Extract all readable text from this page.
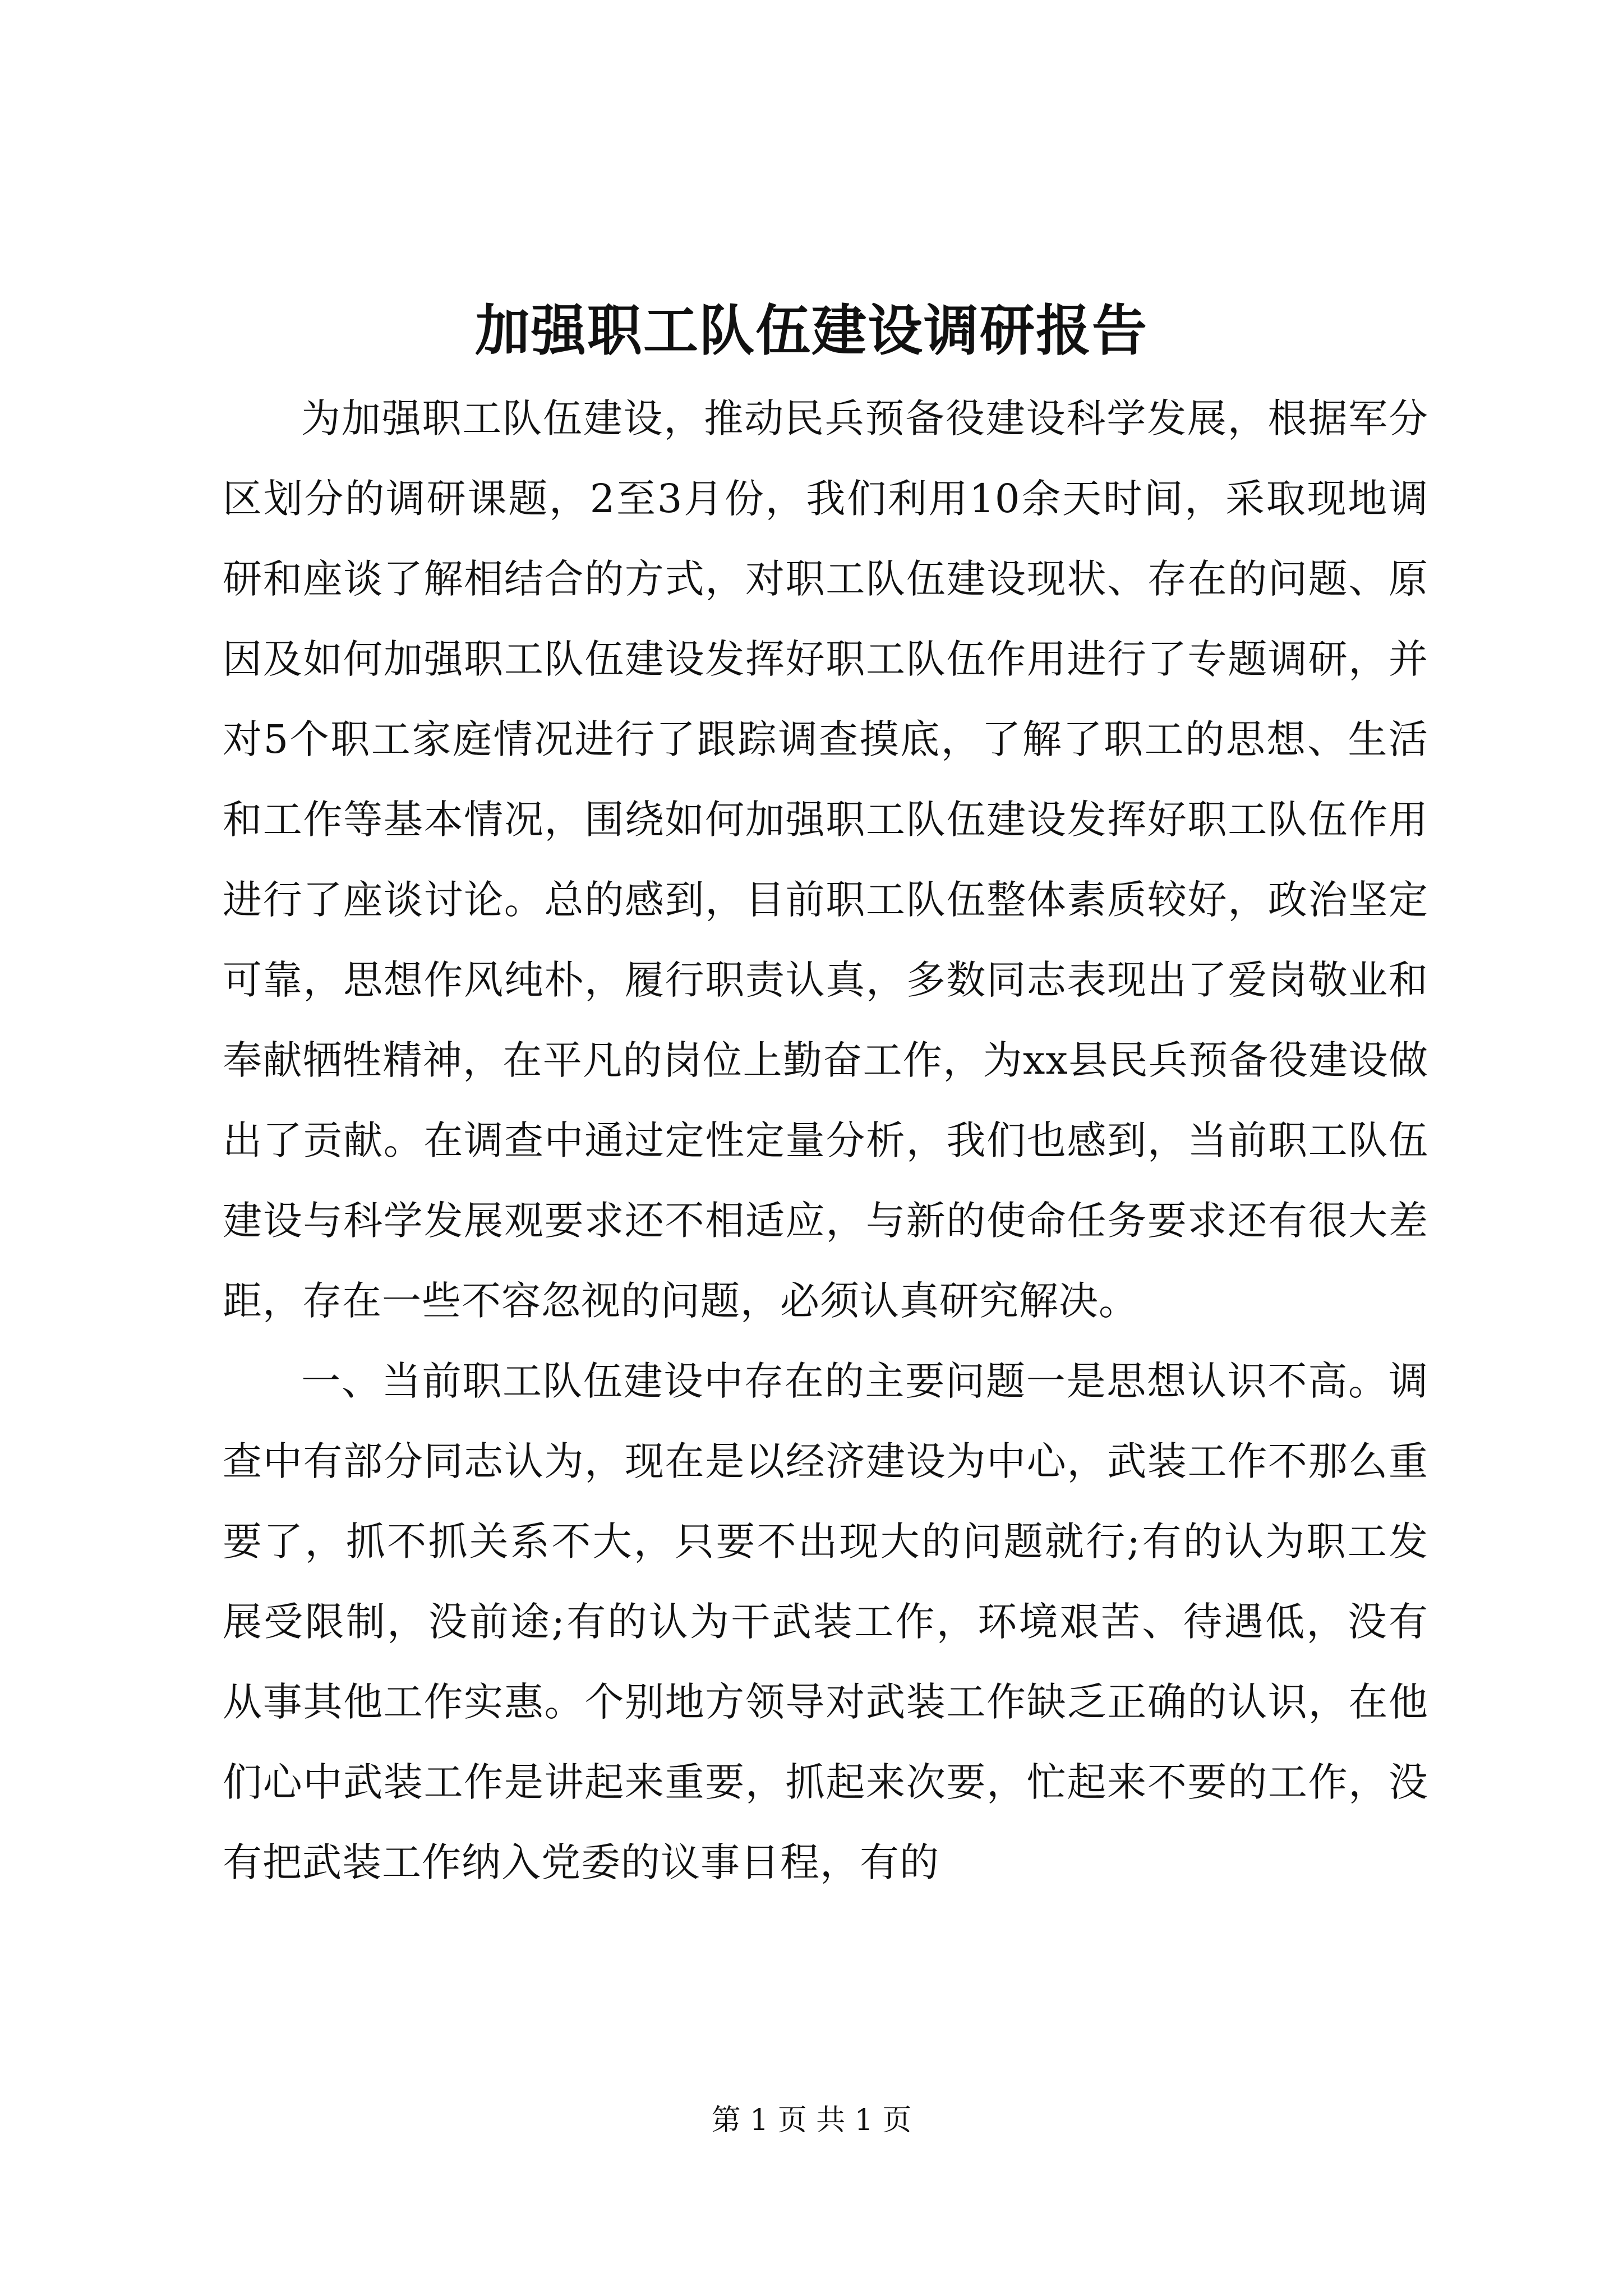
加强职工队伍建设调研报告

为加强职工队伍建设，推动民兵预备役建设科学发展，根据军分区划分的调研课题，2至3月份，我们利用10余天时间，采取现地调研和座谈了解相结合的方式，对职工队伍建设现状、存在的问题、原因及如何加强职工队伍建设发挥好职工队伍作用进行了专题调研，并对5个职工家庭情况进行了跟踪调查摸底，了解了职工的思想、生活和工作等基本情况，围绕如何加强职工队伍建设发挥好职工队伍作用进行了座谈讨论。总的感到，目前职工队伍整体素质较好，政治坚定可靠，思想作风纯朴，履行职责认真，多数同志表现出了爱岗敬业和奉献牺牲精神，在平凡的岗位上勤奋工作，为xx县民兵预备役建设做出了贡献。在调查中通过定性定量分析，我们也感到，当前职工队伍建设与科学发展观要求还不相适应，与新的使命任务要求还有很大差距，存在一些不容忽视的问题，必须认真研究解决。

一、当前职工队伍建设中存在的主要问题一是思想认识不高。调查中有部分同志认为，现在是以经济建设为中心，武装工作不那么重要了，抓不抓关系不大，只要不出现大的问题就行;有的认为职工发展受限制，没前途;有的认为干武装工作，环境艰苦、待遇低，没有从事其他工作实惠。个别地方领导对武装工作缺乏正确的认识，在他们心中武装工作是讲起来重要，抓起来次要，忙起来不要的工作，没有把武装工作纳入党委的议事日程，有的

第 1 页 共 1 页
